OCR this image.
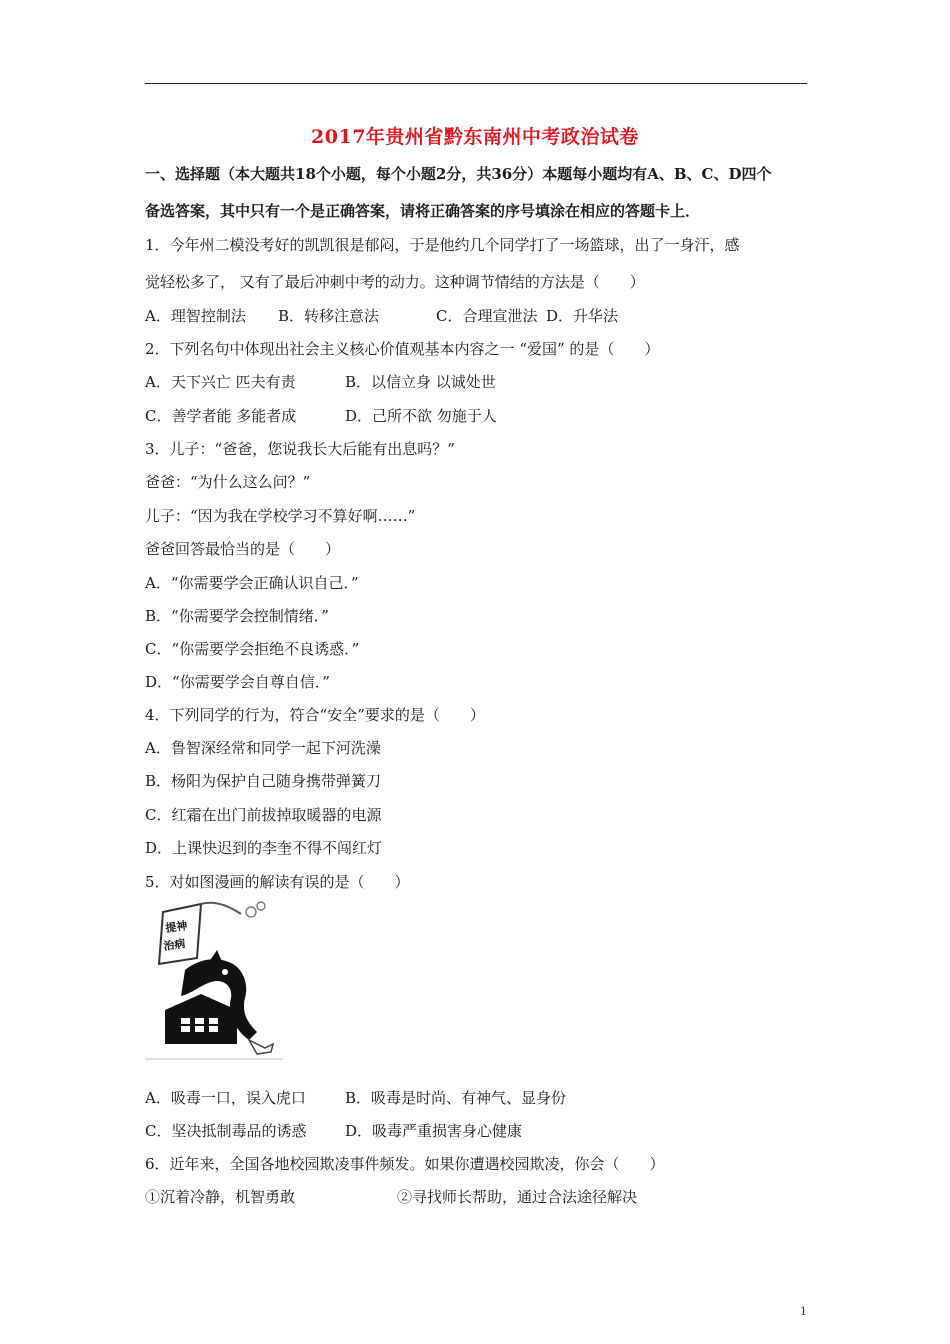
2017年贵州省黔东南州中考政治试卷
一、选择题（本大题共18个小题，每个小题2分，共36分）本题每小题均有A、B、C、D四个
备选答案，其中只有一个是正确答案，请将正确答案的序号填涂在相应的答题卡上．
1．今年州二模没考好的凯凯很是郁闷，于是他约几个同学打了一场篮球，出了一身汗，感
觉轻松多了， 又有了最后冲刺中考的动力。这种调节情结的方法是（　　）
A．理智控制法 B．转移注意法	C．合理宣泄法 D．升华法
2．下列名句中体现出社会主义核心价值观基本内容之一 “爱国” 的是（　　）
A．天下兴亡 匹夫有责	B．以信立身 以诚处世
C．善学者能 多能者成	D．己所不欲 勿施于人
3．儿子：“爸爸，您说我长大后能有出息吗？”
爸爸：“为什么这么问？”
儿子：“因为我在学校学习不算好啊……”
爸爸回答最恰当的是（　　）
A．“你需要学会正确认识自己．”
B．“你需要学会控制情绪．”
C．“你需要学会拒绝不良诱惑．”
D．“你需要学会自尊自信．”
4．下列同学的行为，符合“安全”要求的是（　　）
A．鲁智深经常和同学一起下河洗澡
B．杨阳为保护自己随身携带弹簧刀
C．红霜在出门前拔掉取暖器的电源
D．上课快迟到的李奎不得不闯红灯
5．对如图漫画的解读有误的是（　　）
提神
治病
A．吸毒一口，误入虎口	B．吸毒是时尚、有神气、显身份
C．坚决抵制毒品的诱惑	D．吸毒严重损害身心健康
6．近年来，全国各地校园欺凌事件频发。如果你遭遇校园欺凌，你会（　　）
①沉着冷静，机智勇敢	②寻找师长帮助，通过合法途径解决
1
